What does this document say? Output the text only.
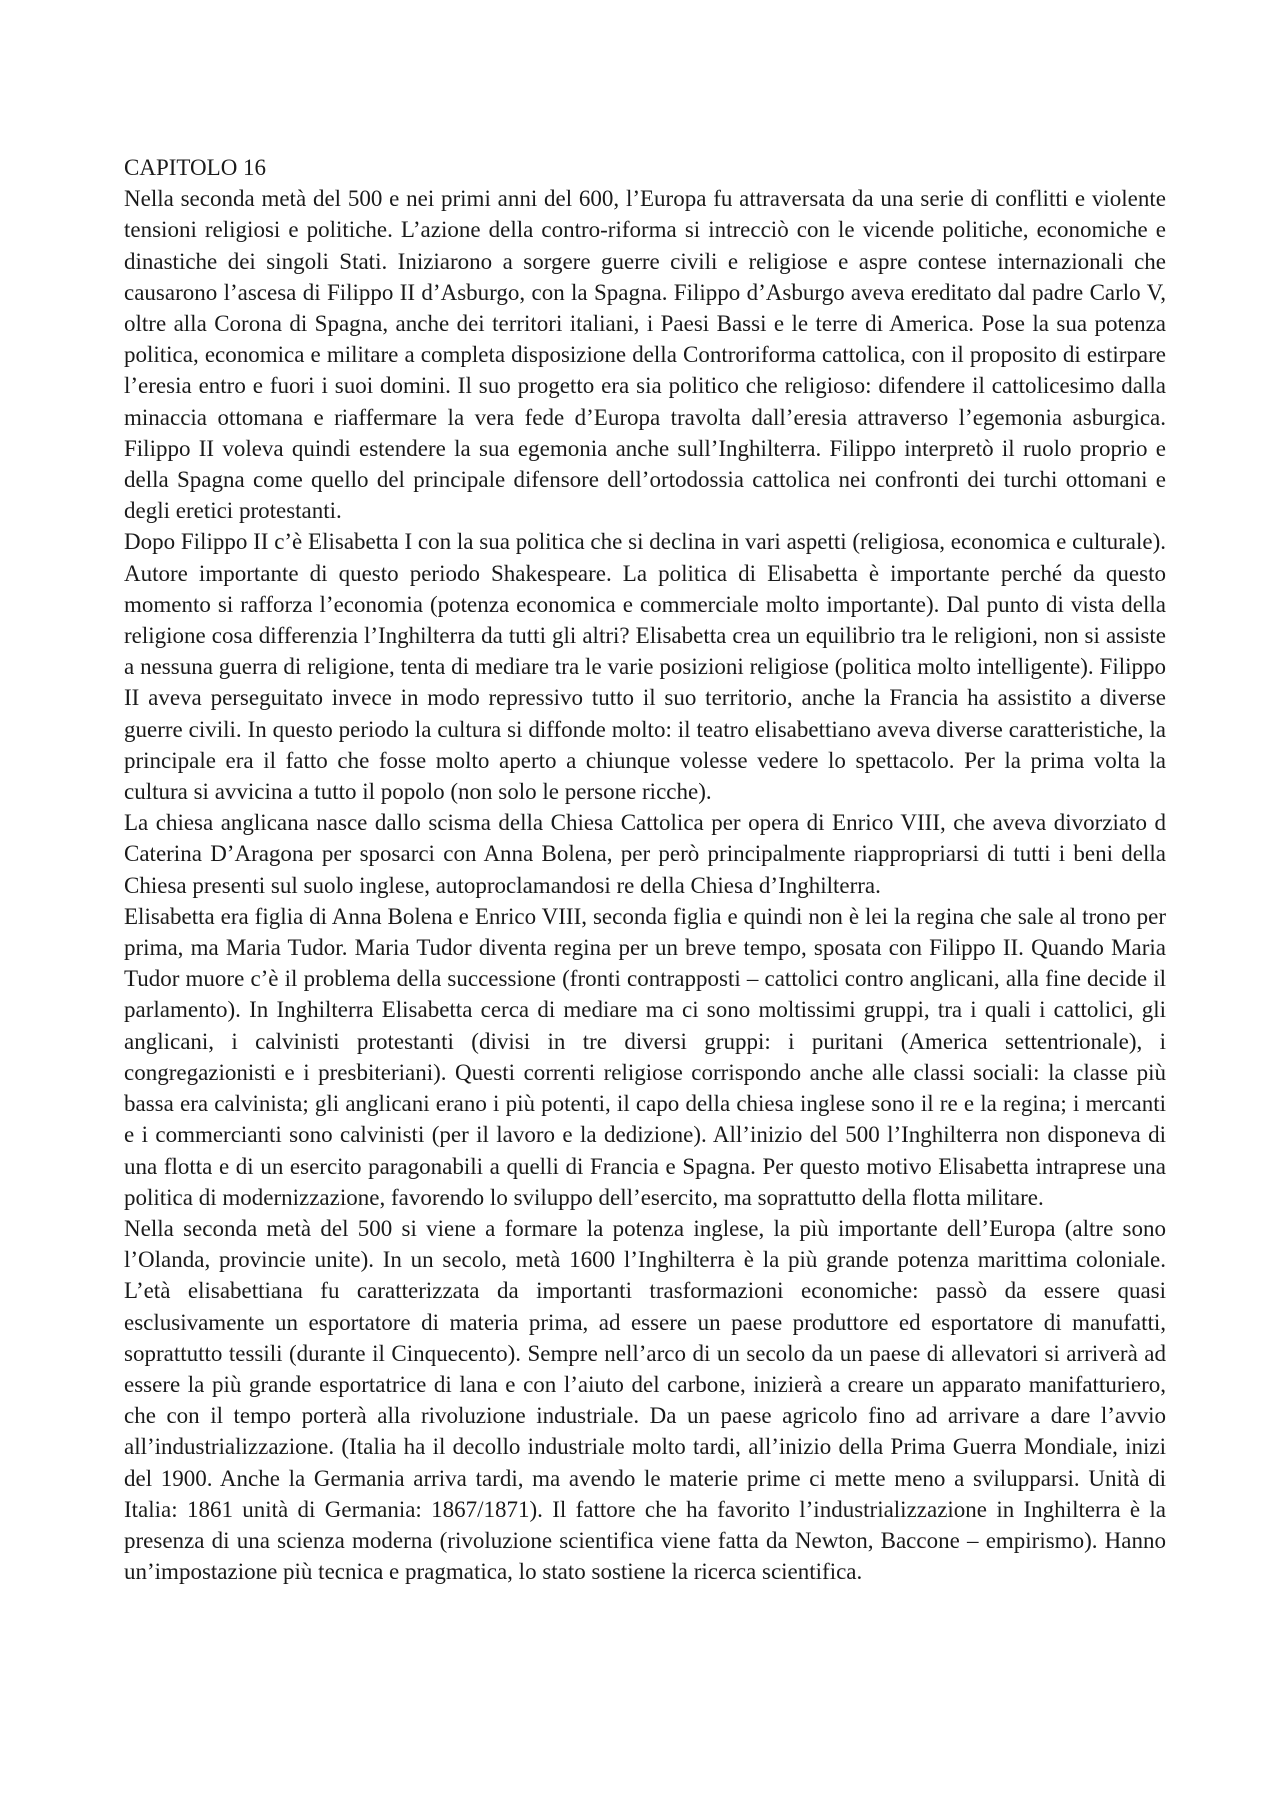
CAPITOLO 16

Nella seconda metà del 500 e nei primi anni del 600, l’Europa fu attraversata da una serie di conflitti e violente tensioni religiosi e politiche. L’azione della contro-riforma si intrecciò con le vicende politiche, economiche e dinastiche dei singoli Stati. Iniziarono a sorgere guerre civili e religiose e aspre contese internazionali che causarono l’ascesa di Filippo II d’Asburgo, con la Spagna. Filippo d’Asburgo aveva ereditato dal padre Carlo V, oltre alla Corona di Spagna, anche dei territori italiani, i Paesi Bassi e le terre di America. Pose la sua potenza politica, economica e militare a completa disposizione della Controriforma cattolica, con il proposito di estirpare l’eresia entro e fuori i suoi domini. Il suo progetto era sia politico che religioso: difendere il cattolicesimo dalla minaccia ottomana e riaffermare la vera fede d’Europa travolta dall’eresia attraverso l’egemonia asburgica. Filippo II voleva quindi estendere la sua egemonia anche sull’Inghilterra. Filippo interpretò il ruolo proprio e della Spagna come quello del principale difensore dell’ortodossia cattolica nei confronti dei turchi ottomani e degli eretici protestanti.

Dopo Filippo II c’è Elisabetta I con la sua politica che si declina in vari aspetti (religiosa, economica e culturale). Autore importante di questo periodo Shakespeare. La politica di Elisabetta è importante perché da questo momento si rafforza l’economia (potenza economica e commerciale molto importante). Dal punto di vista della religione cosa differenzia l’Inghilterra da tutti gli altri? Elisabetta crea un equilibrio tra le religioni, non si assiste a nessuna guerra di religione, tenta di mediare tra le varie posizioni religiose (politica molto intelligente). Filippo II aveva perseguitato invece in modo repressivo tutto il suo territorio, anche la Francia ha assistito a diverse guerre civili. In questo periodo la cultura si diffonde molto: il teatro elisabettiano aveva diverse caratteristiche, la principale era il fatto che fosse molto aperto a chiunque volesse vedere lo spettacolo. Per la prima volta la cultura si avvicina a tutto il popolo (non solo le persone ricche).

La chiesa anglicana nasce dallo scisma della Chiesa Cattolica per opera di Enrico VIII, che aveva divorziato d Caterina D’Aragona per sposarci con Anna Bolena, per però principalmente riappropriarsi di tutti i beni della Chiesa presenti sul suolo inglese, autoproclamandosi re della Chiesa d’Inghilterra.

Elisabetta era figlia di Anna Bolena e Enrico VIII, seconda figlia e quindi non è lei la regina che sale al trono per prima, ma Maria Tudor. Maria Tudor diventa regina per un breve tempo, sposata con Filippo II. Quando Maria Tudor muore c’è il problema della successione (fronti contrapposti – cattolici contro anglicani, alla fine decide il parlamento). In Inghilterra Elisabetta cerca di mediare ma ci sono moltissimi gruppi, tra i quali i cattolici, gli anglicani, i calvinisti protestanti (divisi in tre diversi gruppi: i puritani (America settentrionale), i congregazionisti e i presbiteriani). Questi correnti religiose corrispondo anche alle classi sociali: la classe più bassa era calvinista; gli anglicani erano i più potenti, il capo della chiesa inglese sono il re e la regina; i mercanti e i commercianti sono calvinisti (per il lavoro e la dedizione). All’inizio del 500 l’Inghilterra non disponeva di una flotta e di un esercito paragonabili a quelli di Francia e Spagna. Per questo motivo Elisabetta intraprese una politica di modernizzazione, favorendo lo sviluppo dell’esercito, ma soprattutto della flotta militare.

Nella seconda metà del 500 si viene a formare la potenza inglese, la più importante dell’Europa (altre sono l’Olanda, provincie unite). In un secolo, metà 1600 l’Inghilterra è la più grande potenza marittima coloniale. L’età elisabettiana fu caratterizzata da importanti trasformazioni economiche: passò da essere quasi esclusivamente un esportatore di materia prima, ad essere un paese produttore ed esportatore di manufatti, soprattutto tessili (durante il Cinquecento). Sempre nell’arco di un secolo da un paese di allevatori si arriverà ad essere la più grande esportatrice di lana e con l’aiuto del carbone, inizierà a creare un apparato manifatturiero, che con il tempo porterà alla rivoluzione industriale. Da un paese agricolo fino ad arrivare a dare l’avvio all’industrializzazione. (Italia ha il decollo industriale molto tardi, all’inizio della Prima Guerra Mondiale, inizi del 1900. Anche la Germania arriva tardi, ma avendo le materie prime ci mette meno a svilupparsi. Unità di Italia: 1861 unità di Germania: 1867/1871). Il fattore che ha favorito l’industrializzazione in Inghilterra è la presenza di una scienza moderna (rivoluzione scientifica viene fatta da Newton, Baccone – empirismo). Hanno un’impostazione più tecnica e pragmatica, lo stato sostiene la ricerca scientifica.
